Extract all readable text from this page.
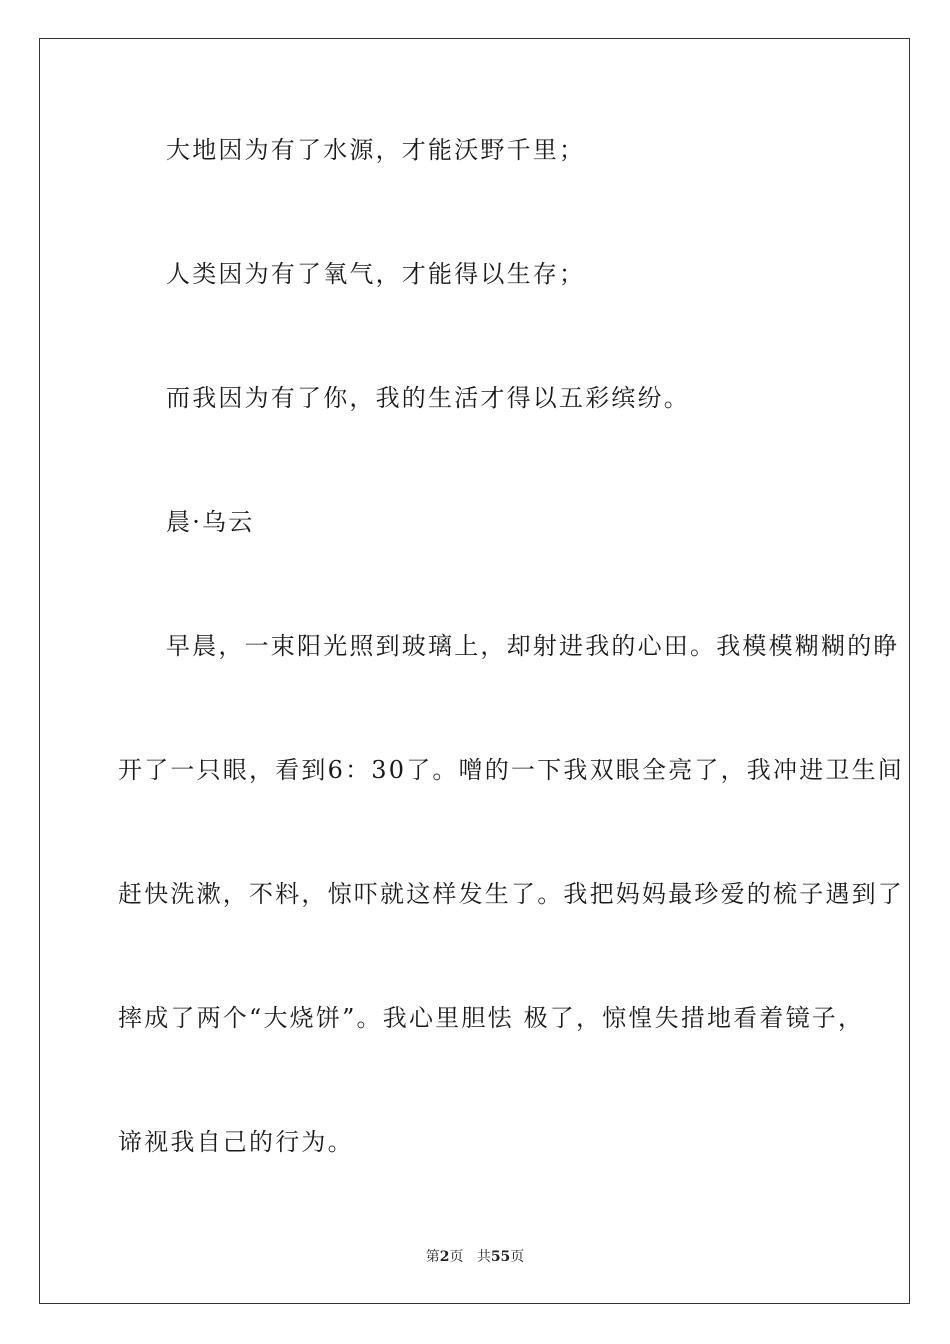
大地因为有了水源，才能沃野千里；
人类因为有了氧气，才能得以生存；
而我因为有了你，我的生活才得以五彩缤纷。
晨·乌云
早晨，一束阳光照到玻璃上，却射进我的心田。我模模糊糊的睁
开了一只眼，看到6：30了。噌的一下我双眼全亮了，我冲进卫生间
赶快洗漱，不料，惊吓就这样发生了。我把妈妈最珍爱的梳子遇到了
摔成了两个“大烧饼”。我心里胆怯 极了，惊惶失措地看着镜子，
谛视我自己的行为。
第2页 共55页
